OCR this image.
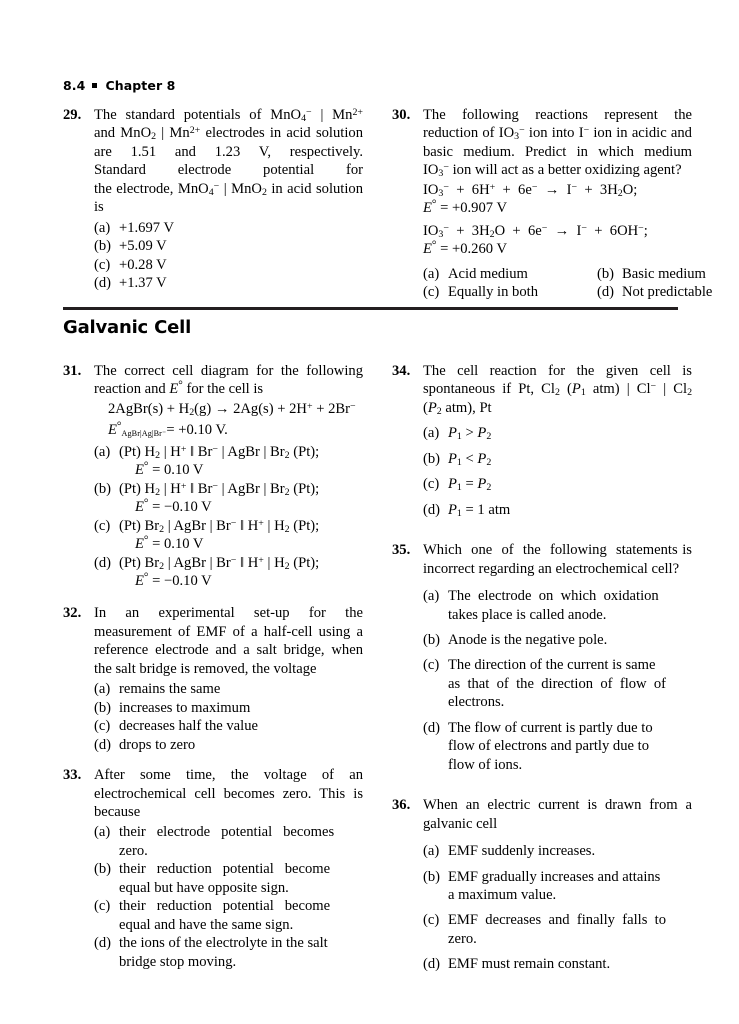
8.4 Chapter 8
29. The standard potentials of MnO$_4$− | $Mn^{2+}$ and MnO$_2$ | $Mn^{2+}$ electrodes in acid solution are 1.51 and 1.23 V, respectively. Standard   electrode   potential   for the electrode, MnO$_4$− | MnO$_2$ in acid solution is
(a) +1.697 V
(b) +5.09 V
(c) +0.28 V
(d) +1.37 V
30. The  following  reactions  represent  the reduction of $IO_3^-$ ion into I− ion in acidic and basic medium. Predict in which medium $IO_3^-$ ion will act as a better oxidizing agent?
$IO_3^- + 6H^+ + 6e^- \to I^- + 3H_2O$;
E° = +0.907 V
$IO_3^- + 3H_2O + 6e^- \to I^- + 6OH^-$;
E° = +0.260 V
(a) Acid medium	(b) Basic medium
(c) Equally in both	(d) Not predictable
Galvanic Cell
31. The correct cell diagram for the following reaction and E° for the cell is
2AgBr(s) + $H_2(g) \to 2Ag(s) + 2H^+ + 2Br^-$
E°AgBr|Ag|Br⁻= +0.10 V.
(a) (Pt) $H_2$ | H+ ‖ Br− | AgBr | $Br_2$ (Pt);
E° = 0.10 V
(b) (Pt) $H_2$ | H+ ‖ Br− | AgBr | $Br_2$ (Pt);
E° = −0.10 V
(c) (Pt) $Br_2$ | AgBr | Br− ‖ H+ | $H_2$ (Pt);
E° = 0.10 V
(d) (Pt) $Br_2$ | AgBr | Br− ‖ H+ | $H_2$ (Pt);
E° = −0.10 V
32. In  an  experimental  set-up  for  the measurement of EMF of a half-cell using a reference electrode and a salt bridge, when the salt bridge is removed, the voltage
(a) remains the same
(b) increases to maximum
(c) decreases half the value
(d) drops to zero
33. After  some  time,  the  voltage  of  an electrochemical cell becomes zero. This is because
(a) their   electrode   potential   becomes
zero.
(b) their   reduction   potential   become
equal but have opposite sign.
(c) their   reduction   potential   become
equal and have the same sign.
(d) the ions of the electrolyte in the salt
bridge stop moving.
34. The  cell  reaction  for  the  given  cell  is spontaneous if Pt, $Cl_2$ ($P_1$ atm) | Cl− | $Cl_2$ ($P_2$ atm), Pt
(a) $P_1 > P_2$
(b) $P_1 < P_2$
(c) $P_1 = P_2$
(d) $P_1 = 1$ atm
35. Which  one  of  the  following  statements is incorrect regarding an electrochemical cell?
(a) The  electrode  on  which  oxidation
takes place is called anode.
(b) Anode is the negative pole.
(c) The direction of the current is same
as  that  of  the  direction  of  flow  of
electrons.
(d) The flow of current is partly due to
flow of electrons and partly due to
flow of ions.
36. When an electric current is drawn from a galvanic cell
(a) EMF suddenly increases.
(b) EMF gradually increases and attains
a maximum value.
(c) EMF  decreases  and  finally  falls  to
zero.
(d) EMF must remain constant.
